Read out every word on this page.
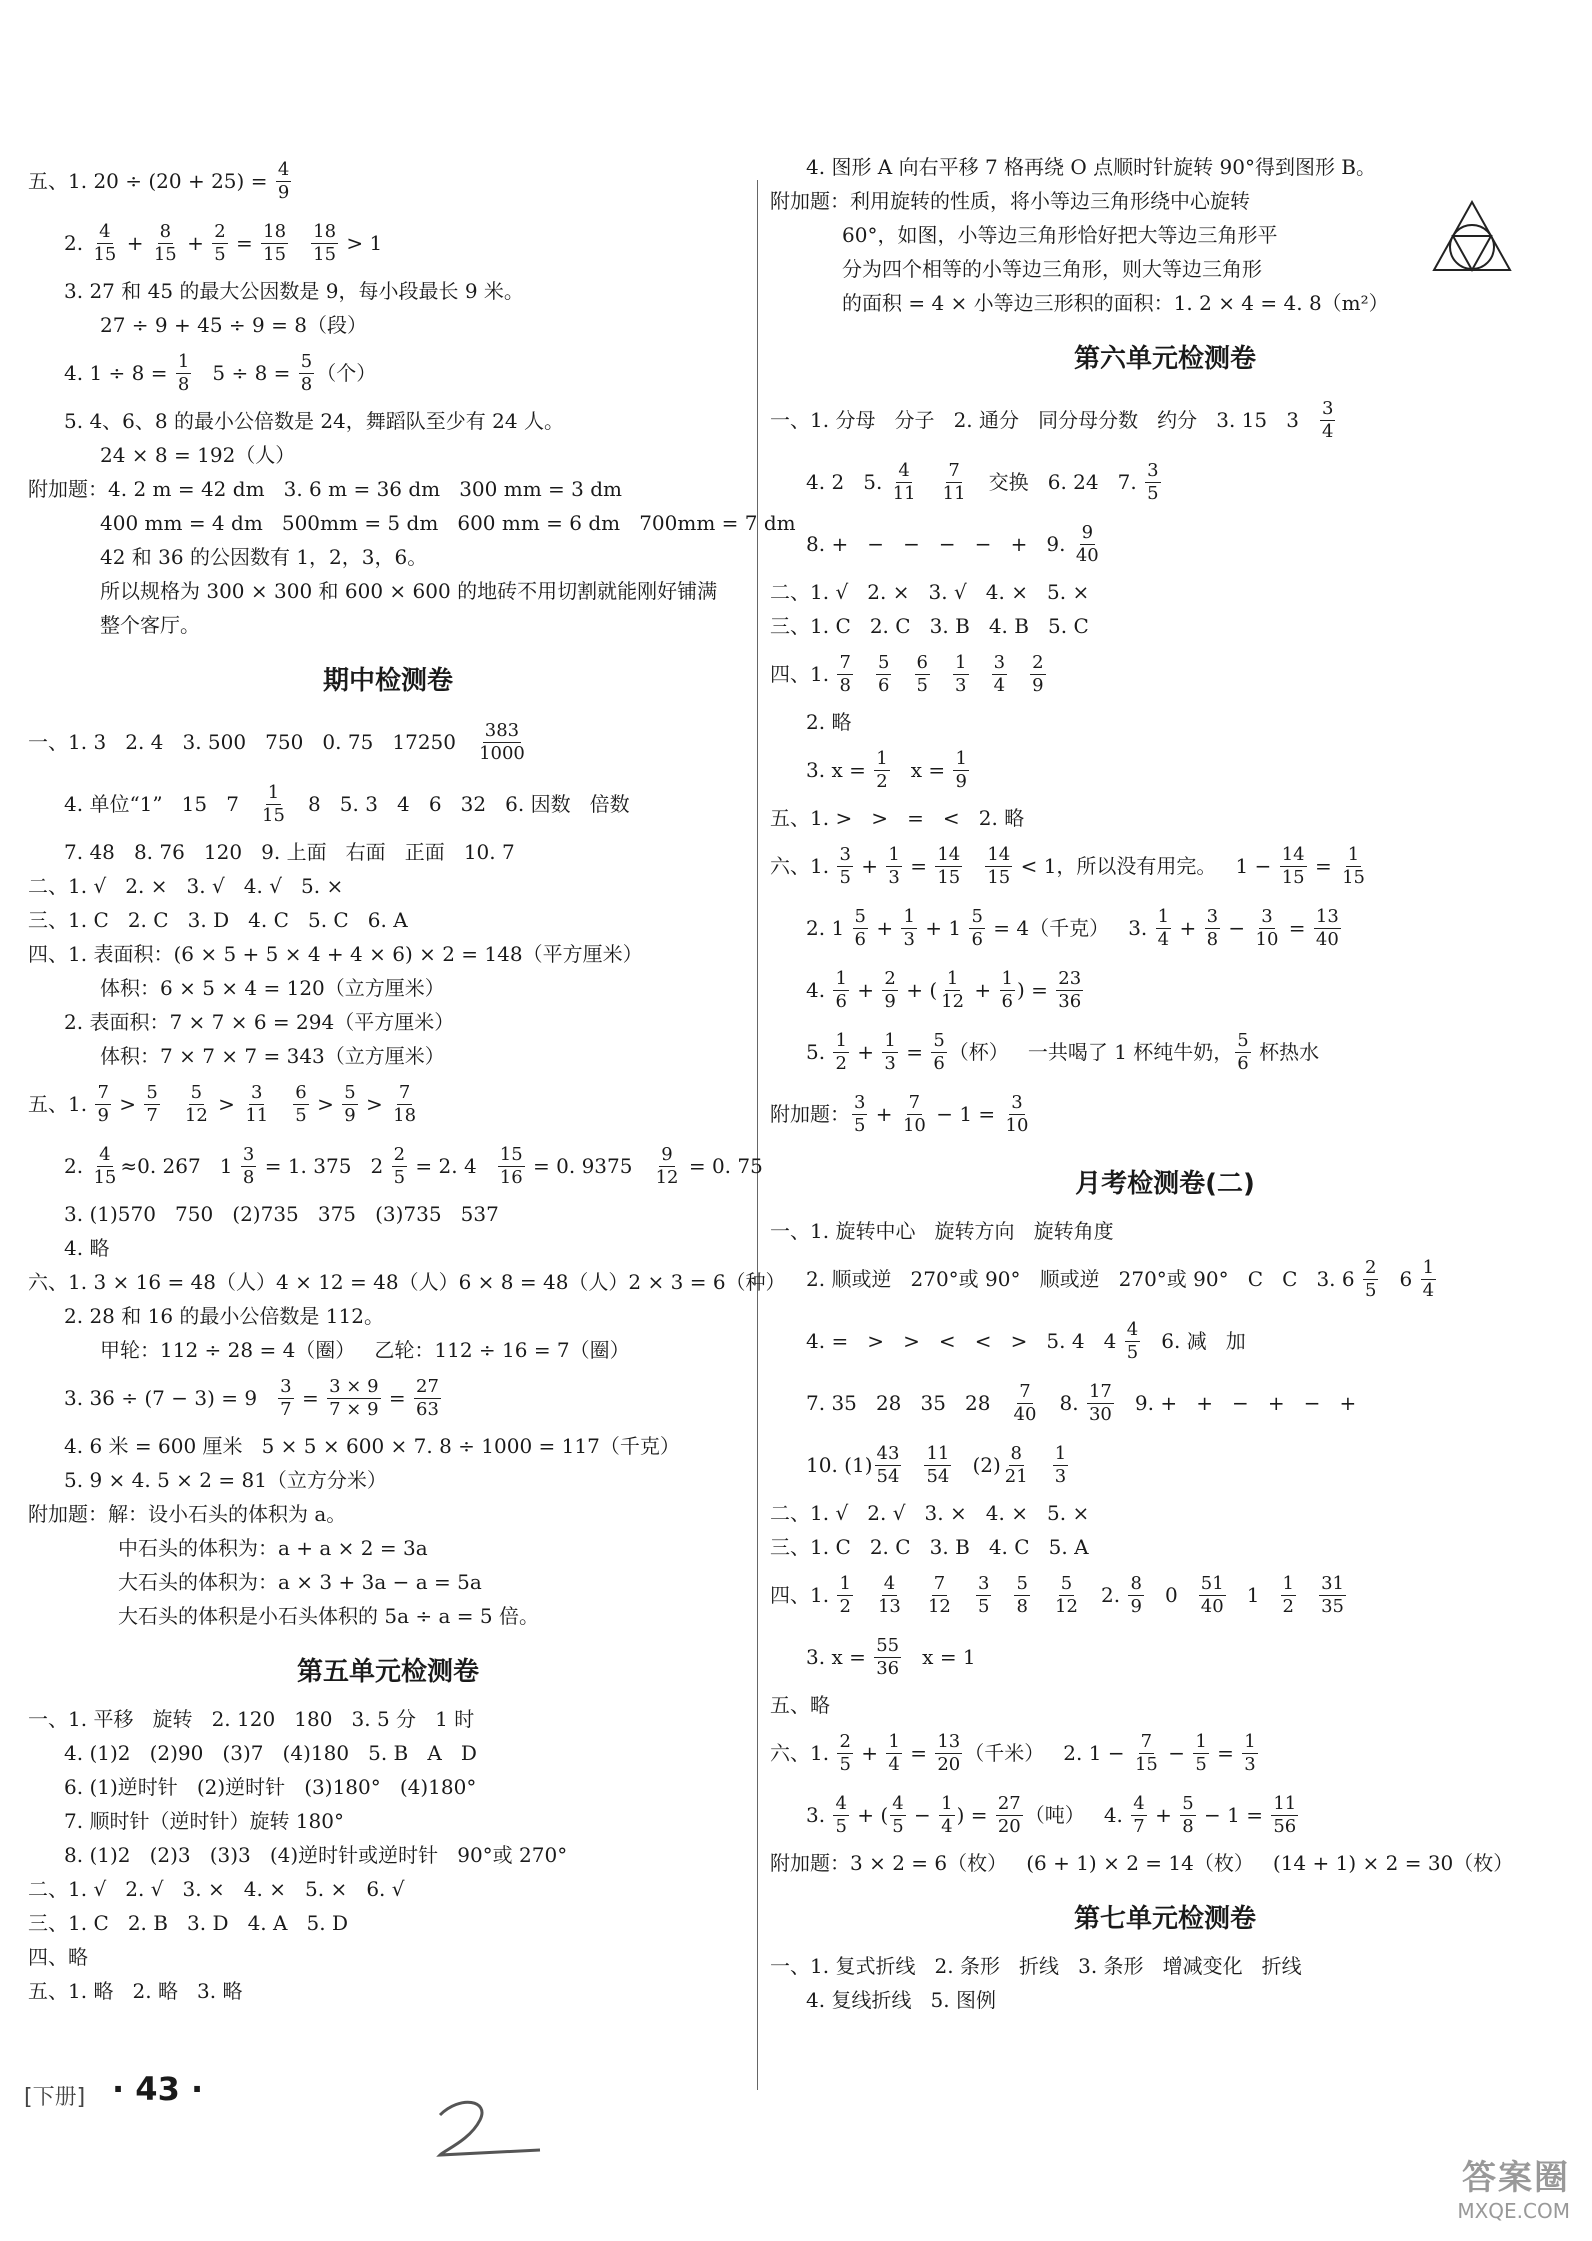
五、1. $20 \div (20 + 25) = \frac{4}{9}$
2. $\frac{4}{15} + \frac{8}{15} + \frac{2}{5} = \frac{18}{15}$
$\frac{18}{15} > 1$
3. 27 和 45 的最大公因数是 9，每小段最长 9 米。
27 ÷ 9 + 45 ÷ 9 = 8（段）
4. $1 \div 8 = \frac{1}{8} 5 \div 8 = \frac{5}{8}$ （个）
5. 4、6、8 的最小公倍数是 24，舞蹈队至少有 24 人。
24 × 8 = 192（人）
附加题：4. 2 m = 42 dm   3. 6 m = 36 dm   300 mm = 3 dm
400 mm = 4 dm   500mm = 5 dm   600 mm = 6 dm   700mm = 7 dm
42 和 36 的公因数有 1，2，3，6。
所以规格为 300 × 300 和 600 × 600 的地砖不用切割就能刚好铺满
整个客厅。
期中检测卷
一、1. 3   2. 4   3. 500   750   0. 75   $17250 \frac{383}{1000}$
4. 单位“1”   15   $7 \frac{1}{15} 8$   5. 3   4   6   32   6. 因数   倍数
7. 48   8. 76   120   9. 上面   右面   正面   10. 7
二、1. √   2. ×   3. √   4. √   5. ×
三、1. C   2. C   3. D   4. C   5. C   6. A
四、1. 表面积：(6 × 5 + 5 × 4 + 4 × 6) × 2 = 148（平方厘米）
体积：6 × 5 × 4 = 120（立方厘米）
2. 表面积：7 × 7 × 6 = 294（平方厘米）
体积：7 × 7 × 7 = 343（立方厘米）
五、1. $\frac{7}{9} > \frac{5}{7}$
$\frac{5}{12} > \frac{3}{11}$
$\frac{6}{5} > \frac{5}{9} > \frac{7}{18}$
2. $\frac{4}{15} \approx 0$. 267   $1 \frac{3}{8} = 1$. 375   $2 \frac{2}{5} = 2$. $4 \frac{15}{16} = 0$. $9375 \frac{9}{12} = 0$. 75
3. (1)570   750   (2)735   375   (3)735   537
4. 略
六、1. 3 × 16 = 48（人）4 × 12 = 48（人）6 × 8 = 48（人）2 × 3 = 6（种）
2. 28 和 16 的最小公倍数是 112。
甲轮：112 ÷ 28 = 4（圈）   乙轮：112 ÷ 16 = 7（圈）
3. $36 \div (7 - 3) = 9 \frac{3}{7} = \frac{3 \times 9}{7 \times 9} = \frac{27}{63}$
4. 6 米 = 600 厘米   5 × 5 × 600 × 7. 8 ÷ 1000 = 117（千克）
5. 9 × 4. 5 × 2 = 81（立方分米）
附加题：解：设小石头的体积为 a。
中石头的体积为：a + a × 2 = 3a
大石头的体积为：a × 3 + 3a − a = 5a
大石头的体积是小石头体积的 5a ÷ a = 5 倍。
第五单元检测卷
一、1. 平移   旋转   2. 120   180   3. 5 分   1 时
4. (1)2   (2)90   (3)7   (4)180   5. B   A   D
6. (1)逆时针   (2)逆时针   (3)180°   (4)180°
7. 顺时针（逆时针）旋转 180°
8. (1)2   (2)3   (3)3   (4)逆时针或逆时针   90°或 270°
二、1. √   2. √   3. ×   4. ×   5. ×   6. √
三、1. C   2. B   3. D   4. A   5. D
四、略
五、1. 略   2. 略   3. 略
4. 图形 A 向右平移 7 格再绕 O 点顺时针旋转 90°得到图形 B。
附加题：利用旋转的性质，将小等边三角形绕中心旋转
60°，如图，小等边三角形恰好把大等边三角形平
分为四个相等的小等边三角形，则大等边三角形
的面积 = 4 × 小等边三形积的面积：1. 2 × 4 = 4. 8（m²）
第六单元检测卷
一、1. 分母   分子   2. 通分   同分母分数   约分   3. 15   $3 \frac{3}{4}$
4. 2   5. $\frac{4}{11}$
$\frac{7}{11}$ 交换   6. 24   7. $\frac{3}{5}$
8. +   −   −   −   −   +   9. $\frac{9}{40}$
二、1. √   2. ×   3. √   4. ×   5. ×
三、1. C   2. C   3. B   4. B   5. C
四、1. $\frac{7}{8}$
$\frac{5}{6}$
$\frac{6}{5}$
$\frac{1}{3}$
$\frac{3}{4}$
$\frac{2}{9}$
2. 略
3. $x = \frac{1}{2}$ $x = \frac{1}{9}$
五、1. >   >   =   <   2. 略
六、1. $\frac{3}{5} + \frac{1}{3} = \frac{14}{15}$
$\frac{14}{15} < 1$，所以没有用完。   $1 - \frac{14}{15} = \frac{1}{15}$
2. $1 \frac{5}{6} + \frac{1}{3} + 1 \frac{5}{6} = 4$（千克）   3. $\frac{1}{4} + \frac{3}{8} - \frac{3}{10} = \frac{13}{40}$
4. $\frac{1}{6} + \frac{2}{9}$ + ( $\frac{1}{12} + \frac{1}{6}$ ) = $\frac{23}{36}$
5. $\frac{1}{2} + \frac{1}{3} = \frac{5}{6}$ （杯）   一共喝了 1 杯纯牛奶， $\frac{5}{6}$ 杯热水
附加题： $\frac{3}{5} + \frac{7}{10} - 1 = \frac{3}{10}$
月考检测卷(二)
一、1. 旋转中心   旋转方向   旋转角度
2. 顺或逆   270°或 90°   顺或逆   270°或 90°   C   C   3. $6 \frac{2}{5} 6 \frac{1}{4}$
4. =   >   >   <   <   >   5. 4   $4 \frac{4}{5} 6$. 减   加
7. 35   28   35   $28 \frac{7}{40} 8$. $\frac{17}{30} 9$. +   +   −   +   −   +
10. $(1) \frac{43}{54}$
$\frac{11}{54} (2) \frac{8}{21}$
$\frac{1}{3}$
二、1. √   2. √   3. ×   4. ×   5. ×
三、1. C   2. C   3. B   4. C   5. A
四、1. $\frac{1}{2}$
$\frac{4}{13}$
$\frac{7}{12}$
$\frac{3}{5}$
$\frac{5}{8}$
$\frac{5}{12} 2$. $\frac{8}{9} 0 \frac{51}{40} 1 \frac{1}{2}$
$\frac{31}{35}$
3. $x = \frac{55}{36}$ x = 1
五、略
六、1. $\frac{2}{5} + \frac{1}{4} = \frac{13}{20}$ （千米）   2. $1 - \frac{7}{15} - \frac{1}{5} = \frac{1}{3}$
3. $\frac{4}{5}$ + ( $\frac{4}{5} - \frac{1}{4}$ ) = $\frac{27}{20}$ （吨）   4. $\frac{4}{7} + \frac{5}{8} - 1 = \frac{11}{56}$
附加题：3 × 2 = 6（枚）   (6 + 1) × 2 = 14（枚）   (14 + 1) × 2 = 30（枚）
第七单元检测卷
一、1. 复式折线   2. 条形   折线   3. 条形   增减变化   折线
4. 复线折线   5. 图例
[下册] · 43 ·
答案圈
MXQE.COM
